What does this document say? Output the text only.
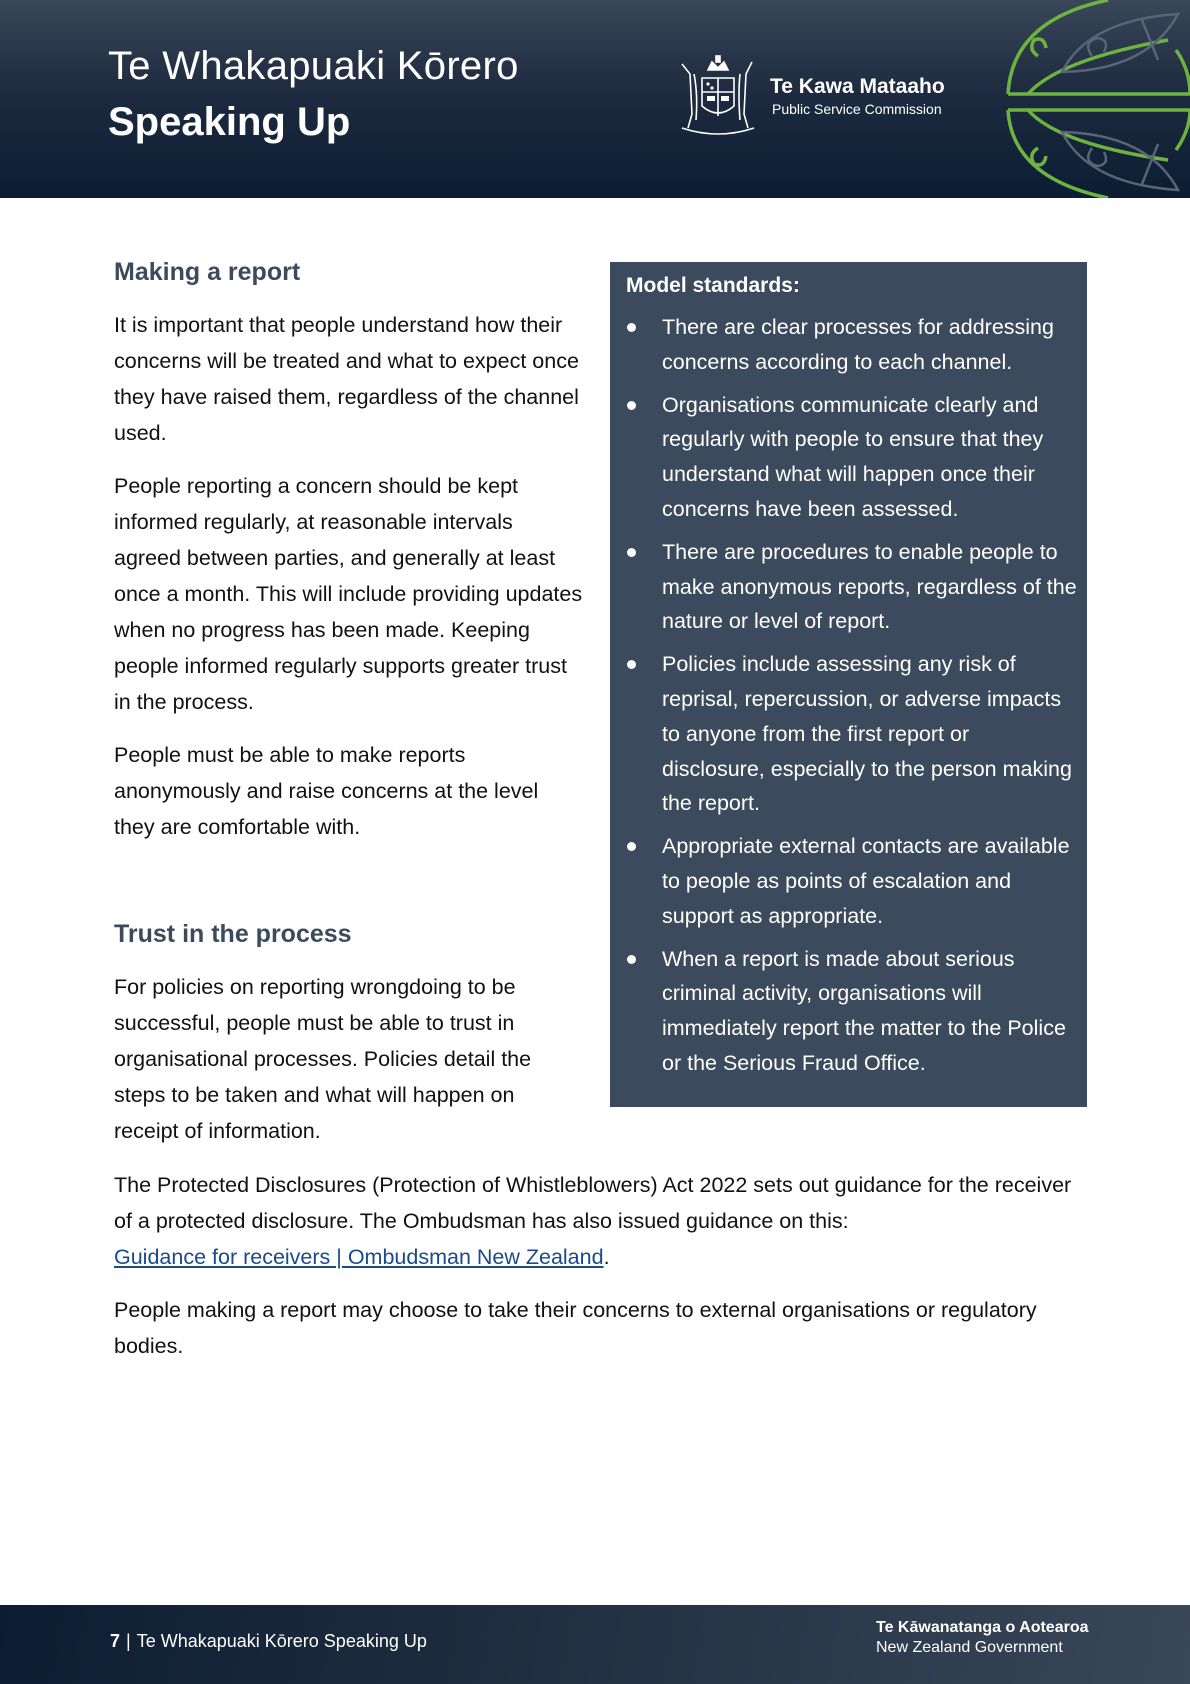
Te Whakapuaki Kōrero
Speaking Up
Te Kawa Mataaho
Public Service Commission
Making a report

It is important that people understand how their concerns will be treated and what to expect once they have raised them, regardless of the channel used.

People reporting a concern should be kept informed regularly, at reasonable intervals agreed between parties, and generally at least once a month. This will include providing updates when no progress has been made. Keeping people informed regularly supports greater trust in the process.

People must be able to make reports anonymously and raise concerns at the level they are comfortable with.

Trust in the process

For policies on reporting wrongdoing to be successful, people must be able to trust in organisational processes. Policies detail the steps to be taken and what will happen on receipt of information.

Model standards:
There are clear processes for addressing concerns according to each channel.
Organisations communicate clearly and regularly with people to ensure that they understand what will happen once their concerns have been assessed.
There are procedures to enable people to make anonymous reports, regardless of the nature or level of report.
Policies include assessing any risk of reprisal, repercussion, or adverse impacts to anyone from the first report or disclosure, especially to the person making the report.
Appropriate external contacts are available to people as points of escalation and support as appropriate.
When a report is made about serious criminal activity, organisations will immediately report the matter to the Police or the Serious Fraud Office.

The Protected Disclosures (Protection of Whistleblowers) Act 2022 sets out guidance for the receiver of a protected disclosure. The Ombudsman has also issued guidance on this:
Guidance for receivers | Ombudsman New Zealand.

People making a report may choose to take their concerns to external organisations or regulatory bodies.

7 | Te Whakapuaki Kōrero Speaking Up
Te Kāwanatanga o Aotearoa
New Zealand Government
